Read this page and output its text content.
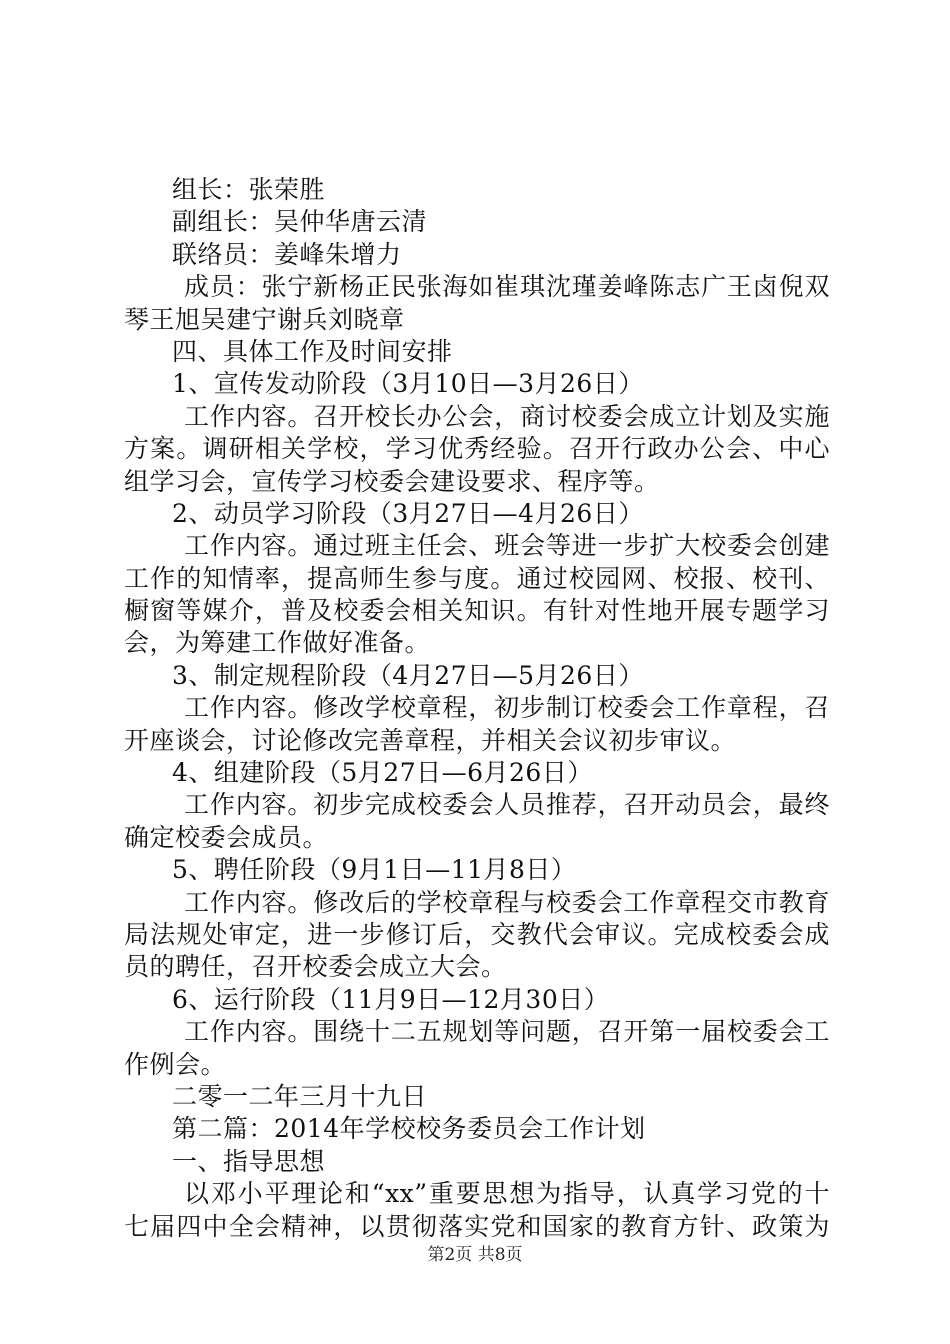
组长：张荣胜
副组长：吴仲华唐云清
联络员：姜峰朱增力
成员：张宁新杨正民张海如崔琪沈瑾姜峰陈志广王卤倪双
琴王旭吴建宁谢兵刘晓章
四、具体工作及时间安排
1、宣传发动阶段（3月10日—3月26日）
工作内容。召开校长办公会，商讨校委会成立计划及实施
方案。调研相关学校，学习优秀经验。召开行政办公会、中心
组学习会，宣传学习校委会建设要求、程序等。
2、动员学习阶段（3月27日—4月26日）
工作内容。通过班主任会、班会等进一步扩大校委会创建
工作的知情率，提高师生参与度。通过校园网、校报、校刊、
橱窗等媒介，普及校委会相关知识。有针对性地开展专题学习
会，为筹建工作做好准备。
3、制定规程阶段（4月27日—5月26日）
工作内容。修改学校章程，初步制订校委会工作章程，召
开座谈会，讨论修改完善章程，并相关会议初步审议。
4、组建阶段（5月27日—6月26日）
工作内容。初步完成校委会人员推荐，召开动员会，最终
确定校委会成员。
5、聘任阶段（9月1日—11月8日）
工作内容。修改后的学校章程与校委会工作章程交市教育
局法规处审定，进一步修订后，交教代会审议。完成校委会成
员的聘任，召开校委会成立大会。
6、运行阶段（11月9日—12月30日）
工作内容。围绕十二五规划等问题，召开第一届校委会工
作例会。
二零一二年三月十九日
第二篇：2014年学校校务委员会工作计划
一、指导思想
以邓小平理论和“xx”重要思想为指导，认真学习党的十
七届四中全会精神，以贯彻落实党和国家的教育方针、政策为
第2页 共8页
